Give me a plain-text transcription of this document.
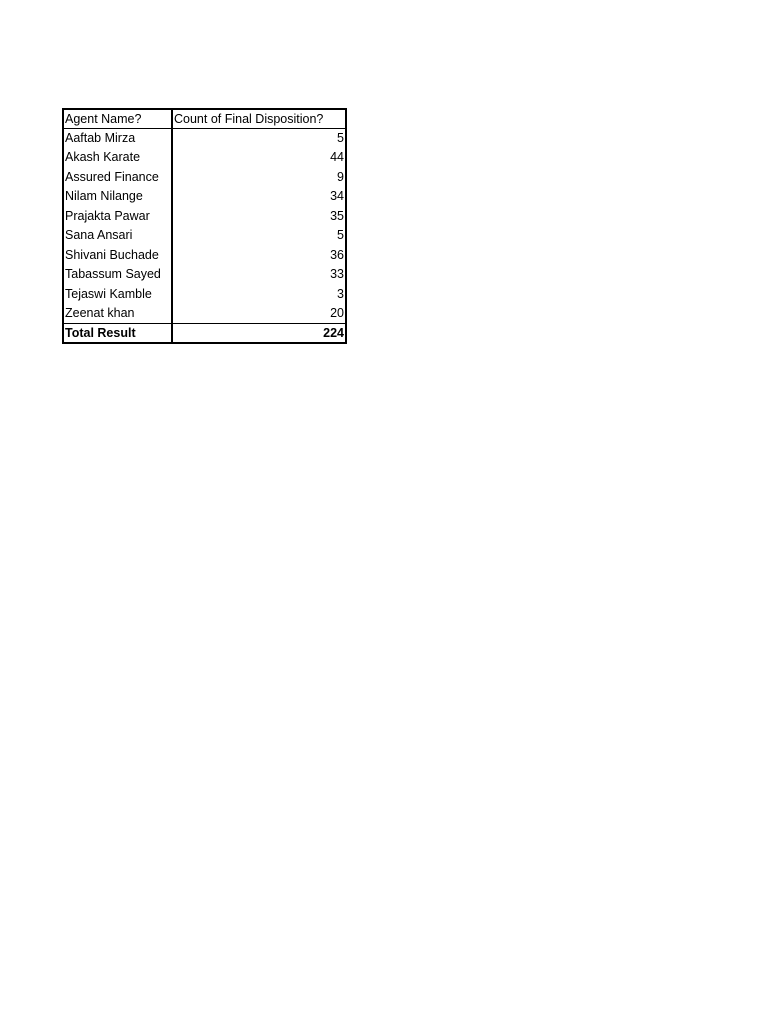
Agent Name?	Count of Final Disposition?
Aaftab Mirza	5
Akash Karate	44
Assured Finance	9
Nilam Nilange	34
Prajakta Pawar	35
Sana Ansari	5
Shivani Buchade	36
Tabassum Sayed	33
Tejaswi Kamble	3
Zeenat khan	20
Total Result	224
